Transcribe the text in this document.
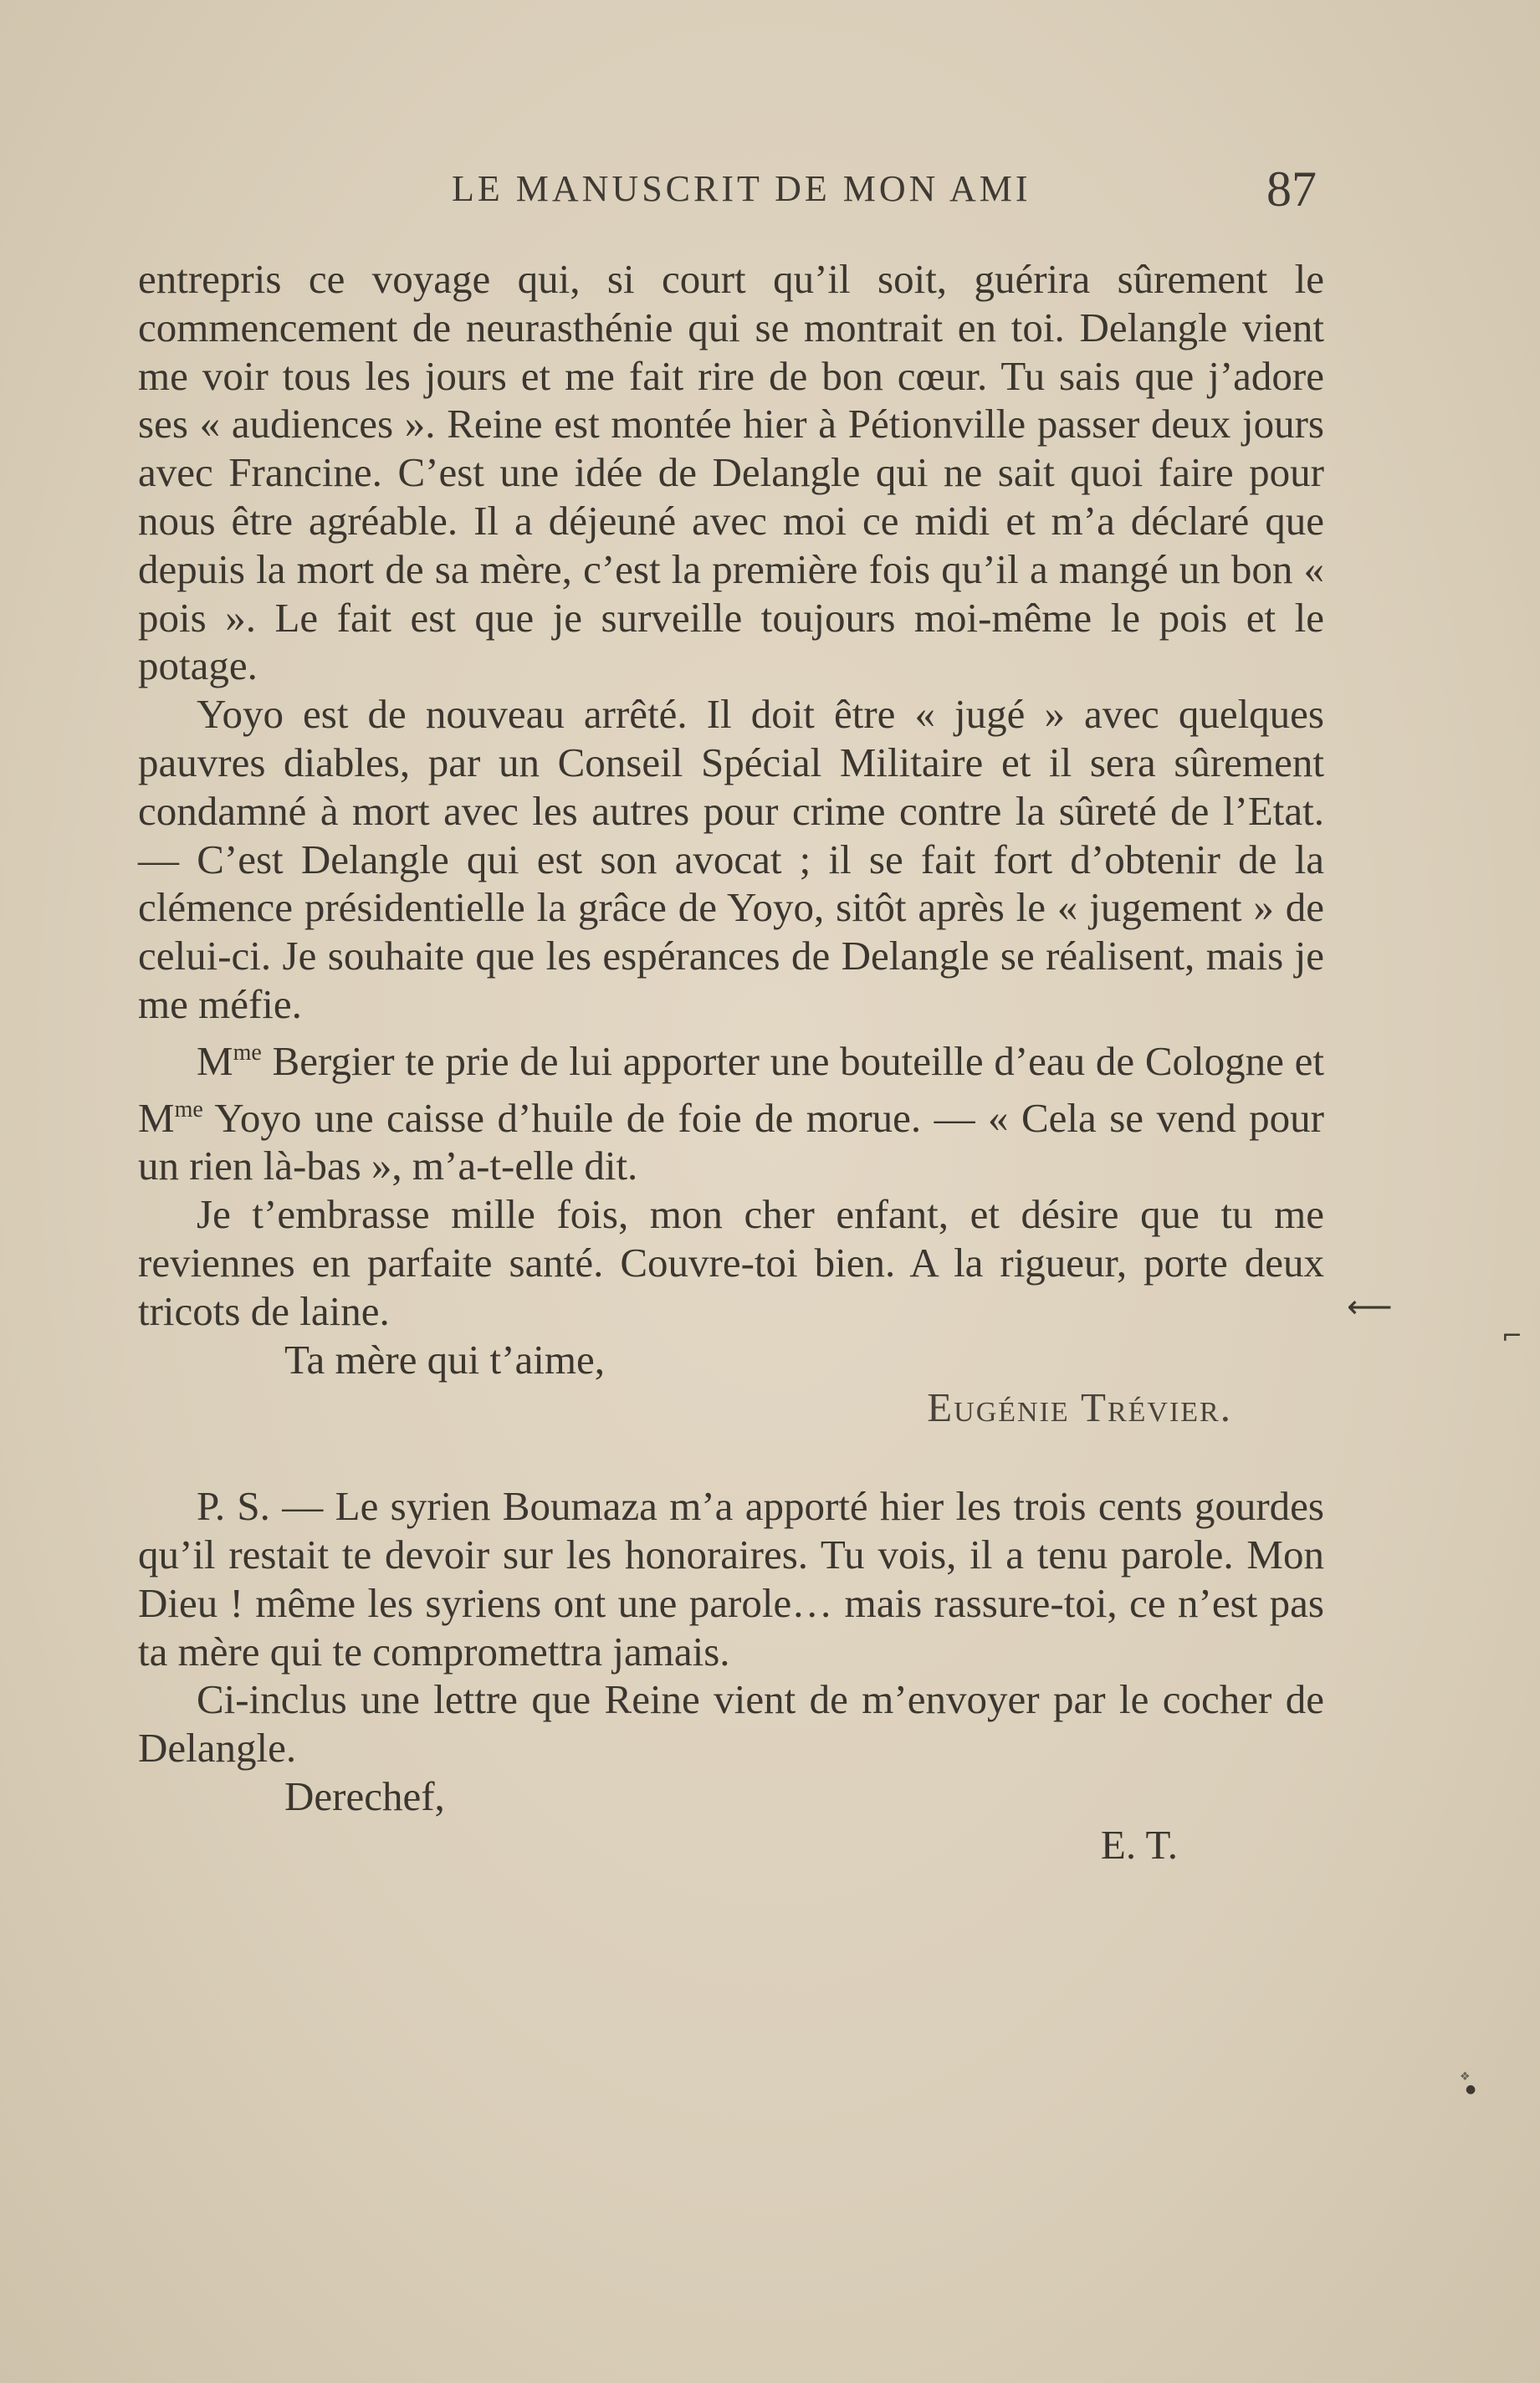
LE MANUSCRIT DE MON AMI	87

entrepris ce voyage qui, si court qu’il soit, guérira sûrement le commencement de neurasthénie qui se montrait en toi. Delangle vient me voir tous les jours et me fait rire de bon cœur. Tu sais que j’adore ses « audiences ». Reine est montée hier à Pétionville passer deux jours avec Francine. C’est une idée de Delangle qui ne sait quoi faire pour nous être agréable. Il a déjeuné avec moi ce midi et m’a déclaré que depuis la mort de sa mère, c’est la première fois qu’il a mangé un bon « pois ». Le fait est que je surveille toujours moi-même le pois et le potage.

Yoyo est de nouveau arrêté. Il doit être « jugé » avec quelques pauvres diables, par un Conseil Spécial Militaire et il sera sûrement condamné à mort avec les autres pour crime contre la sûreté de l’Etat. — C’est Delangle qui est son avocat ; il se fait fort d’obtenir de la clémence présidentielle la grâce de Yoyo, sitôt après le « jugement » de celui-ci. Je souhaite que les espérances de Delangle se réalisent, mais je me méfie.

$M^{me}$ Bergier te prie de lui apporter une bouteille d’eau de Cologne et $M^{me}$ Yoyo une caisse d’huile de foie de morue. — « Cela se vend pour un rien là-bas », m’a-t-elle dit.

Je t’embrasse mille fois, mon cher enfant, et désire que tu me reviennes en parfaite santé. Couvre-toi bien. A la rigueur, porte deux tricots de laine.

Ta mère qui t’aime,

Eugénie Trévier.

P. S. — Le syrien Boumaza m’a apporté hier les trois cents gourdes qu’il restait te devoir sur les honoraires. Tu vois, il a tenu parole. Mon Dieu ! même les syriens ont une parole… mais rassure-toi, ce n’est pas ta mère qui te compromettra jamais.

Ci-inclus une lettre que Reine vient de m’envoyer par le cocher de Delangle.

Derechef,

E. T.

⟵
⌐
❖
●
